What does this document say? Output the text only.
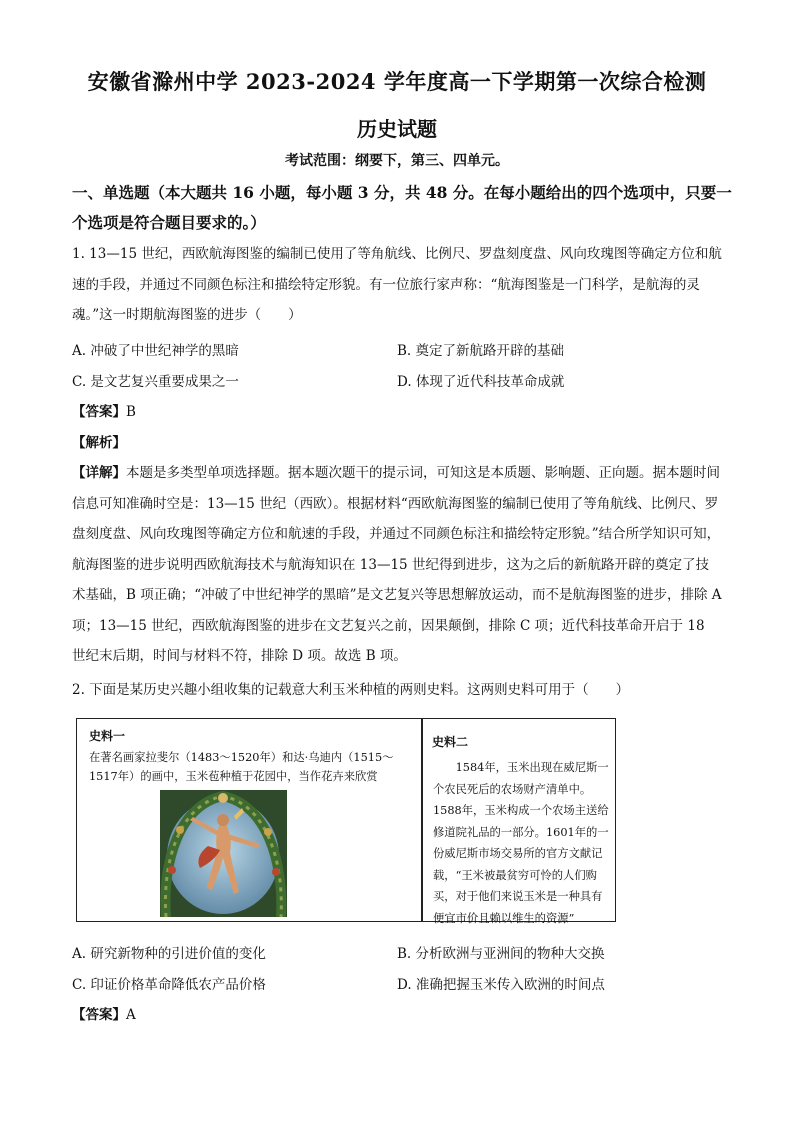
安徽省滁州中学 2023-2024 学年度高一下学期第一次综合检测
历史试题
考试范围：纲要下，第三、四单元。
一、单选题（本大题共 16 小题，每小题 3 分，共 48 分。在每小题给出的四个选项中，只要一个选项是符合题目要求的。）
1. 13—15 世纪，西欧航海图鉴的编制已使用了等角航线、比例尺、罗盘刻度盘、风向玫瑰图等确定方位和航速的手段，并通过不同颜色标注和描绘特定形貌。有一位旅行家声称：“航海图鉴是一门科学，是航海的灵魂。”这一时期航海图鉴的进步（　　）
A. 冲破了中世纪神学的黑暗	B. 奠定了新航路开辟的基础
C. 是文艺复兴重要成果之一	D. 体现了近代科技革命成就
【答案】B
【解析】
【详解】本题是多类型单项选择题。据本题次题干的提示词，可知这是本质题、影响题、正向题。据本题时间信息可知准确时空是：13—15 世纪（西欧）。根据材料“西欧航海图鉴的编制已使用了等角航线、比例尺、罗盘刻度盘、风向玫瑰图等确定方位和航速的手段，并通过不同颜色标注和描绘特定形貌。”结合所学知识可知，航海图鉴的进步说明西欧航海技术与航海知识在 13—15 世纪得到进步，这为之后的新航路开辟的奠定了技术基础，B 项正确；“冲破了中世纪神学的黑暗”是文艺复兴等思想解放运动，而不是航海图鉴的进步，排除 A 项；13—15 世纪，西欧航海图鉴的进步在文艺复兴之前，因果颠倒，排除 C 项；近代科技革命开启于 18 世纪末后期，时间与材料不符，排除 D 项。故选 B 项。
2. 下面是某历史兴趣小组收集的记载意大利玉米种植的两则史料。这两则史料可用于（　　）
史料一
在著名画家拉斐尔（1483～1520年）和达·乌迪内（1515～1517年）的画中，玉米苞种植于花园中，当作花卉来欣赏
史料二
1584年，玉米出现在威尼斯一个农民死后的农场财产清单中。1588年，玉米构成一个农场主送给修道院礼品的一部分。1601年的一份威尼斯市场交易所的官方文献记载，“王米被最贫穷可怜的人们购买，对于他们来说玉米是一种具有便宜市价且赖以维生的资源”
A. 研究新物种的引进价值的变化	B. 分析欧洲与亚洲间的物种大交换
C. 印证价格革命降低农产品价格	D. 准确把握玉米传入欧洲的时间点
【答案】A
